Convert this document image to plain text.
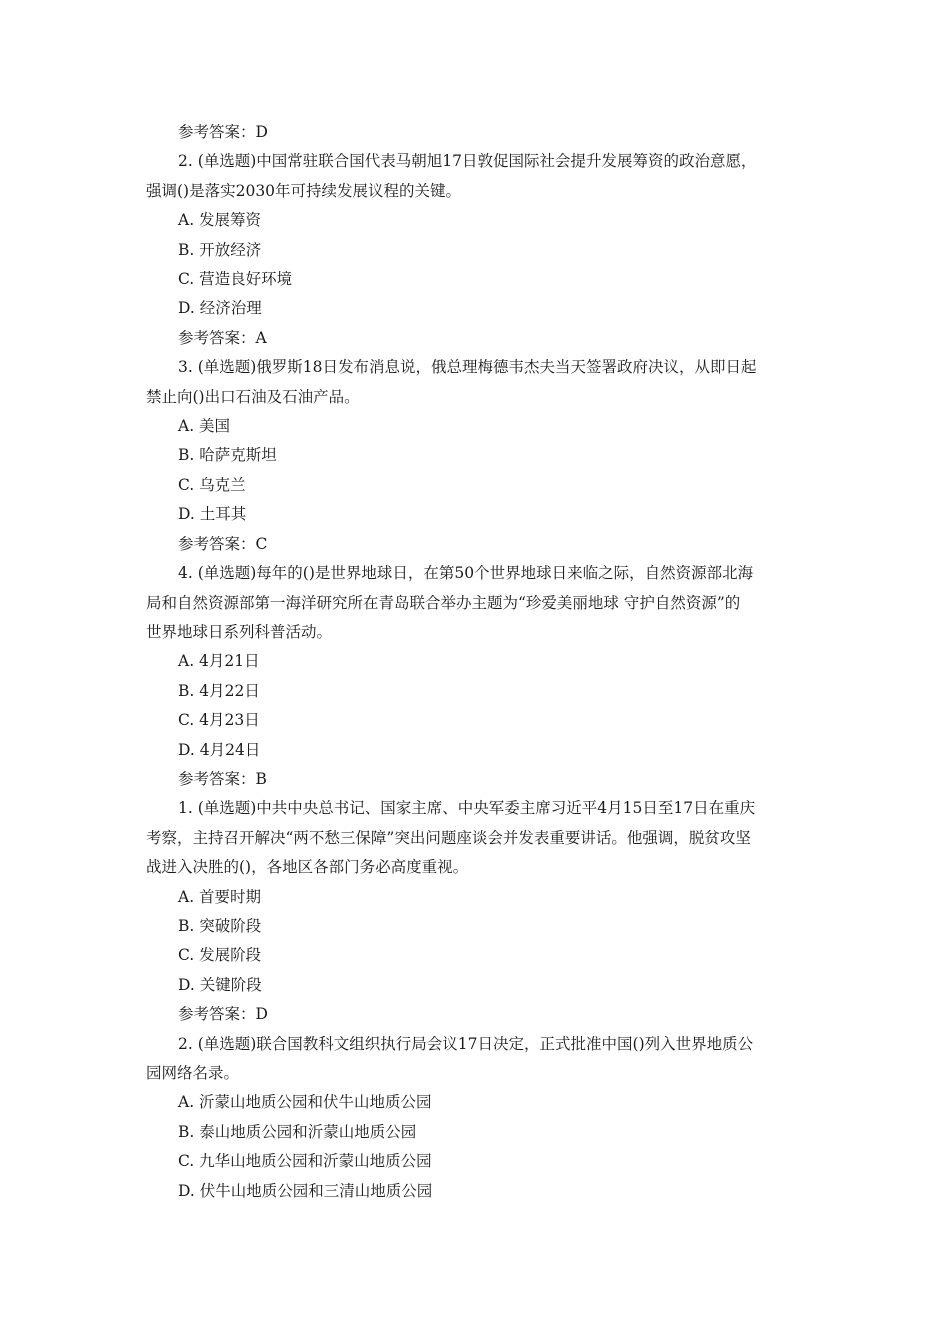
参考答案：D
2. (单选题)中国常驻联合国代表马朝旭17日敦促国际社会提升发展筹资的政治意愿，
强调()是落实2030年可持续发展议程的关键。
A. 发展筹资
B. 开放经济
C. 营造良好环境
D. 经济治理
参考答案：A
3. (单选题)俄罗斯18日发布消息说，俄总理梅德韦杰夫当天签署政府决议，从即日起
禁止向()出口石油及石油产品。
A. 美国
B. 哈萨克斯坦
C. 乌克兰
D. 土耳其
参考答案：C
4. (单选题)每年的()是世界地球日，在第50个世界地球日来临之际，自然资源部北海
局和自然资源部第一海洋研究所在青岛联合举办主题为“珍爱美丽地球 守护自然资源”的
世界地球日系列科普活动。
A. 4月21日
B. 4月22日
C. 4月23日
D. 4月24日
参考答案：B
1. (单选题)中共中央总书记、国家主席、中央军委主席习近平4月15日至17日在重庆
考察，主持召开解决“两不愁三保障”突出问题座谈会并发表重要讲话。他强调，脱贫攻坚
战进入决胜的()，各地区各部门务必高度重视。
A. 首要时期
B. 突破阶段
C. 发展阶段
D. 关键阶段
参考答案：D
2. (单选题)联合国教科文组织执行局会议17日决定，正式批准中国()列入世界地质公
园网络名录。
A. 沂蒙山地质公园和伏牛山地质公园
B. 泰山地质公园和沂蒙山地质公园
C. 九华山地质公园和沂蒙山地质公园
D. 伏牛山地质公园和三清山地质公园
